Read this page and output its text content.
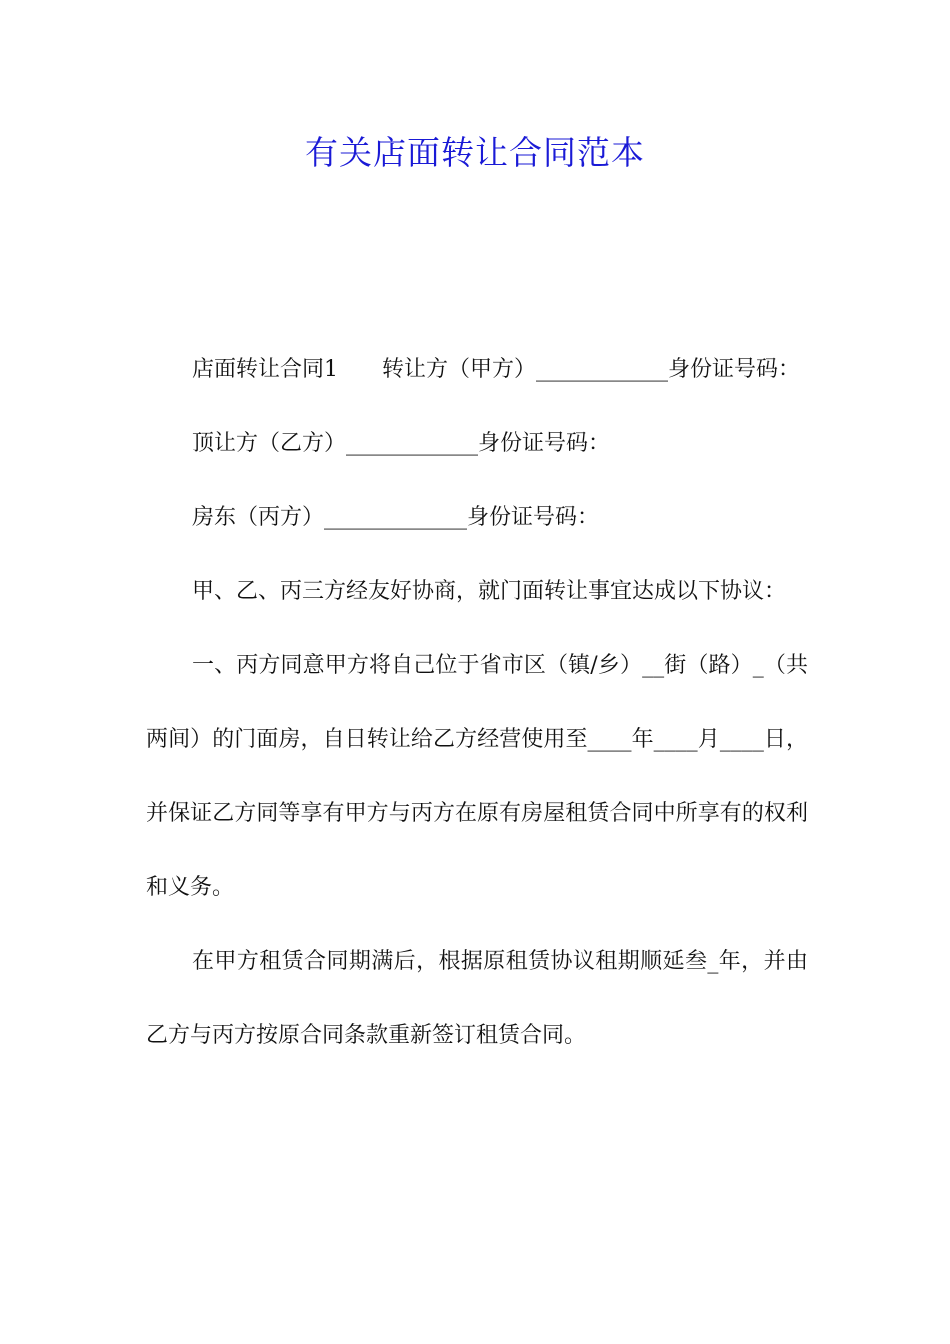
有关店面转让合同范本

店面转让合同1　　转让方（甲方）____________身份证号码：

顶让方（乙方）____________身份证号码：

房东（丙方）_____________身份证号码：

甲、乙、丙三方经友好协商，就门面转让事宜达成以下协议：

一、丙方同意甲方将自己位于省市区（镇/乡）__街（路）_（共两间）的门面房，自日转让给乙方经营使用至____年____月____日，并保证乙方同等享有甲方与丙方在原有房屋租赁合同中所享有的权利和义务。

在甲方租赁合同期满后，根据原租赁协议租期顺延叁_年，并由乙方与丙方按原合同条款重新签订租赁合同。
